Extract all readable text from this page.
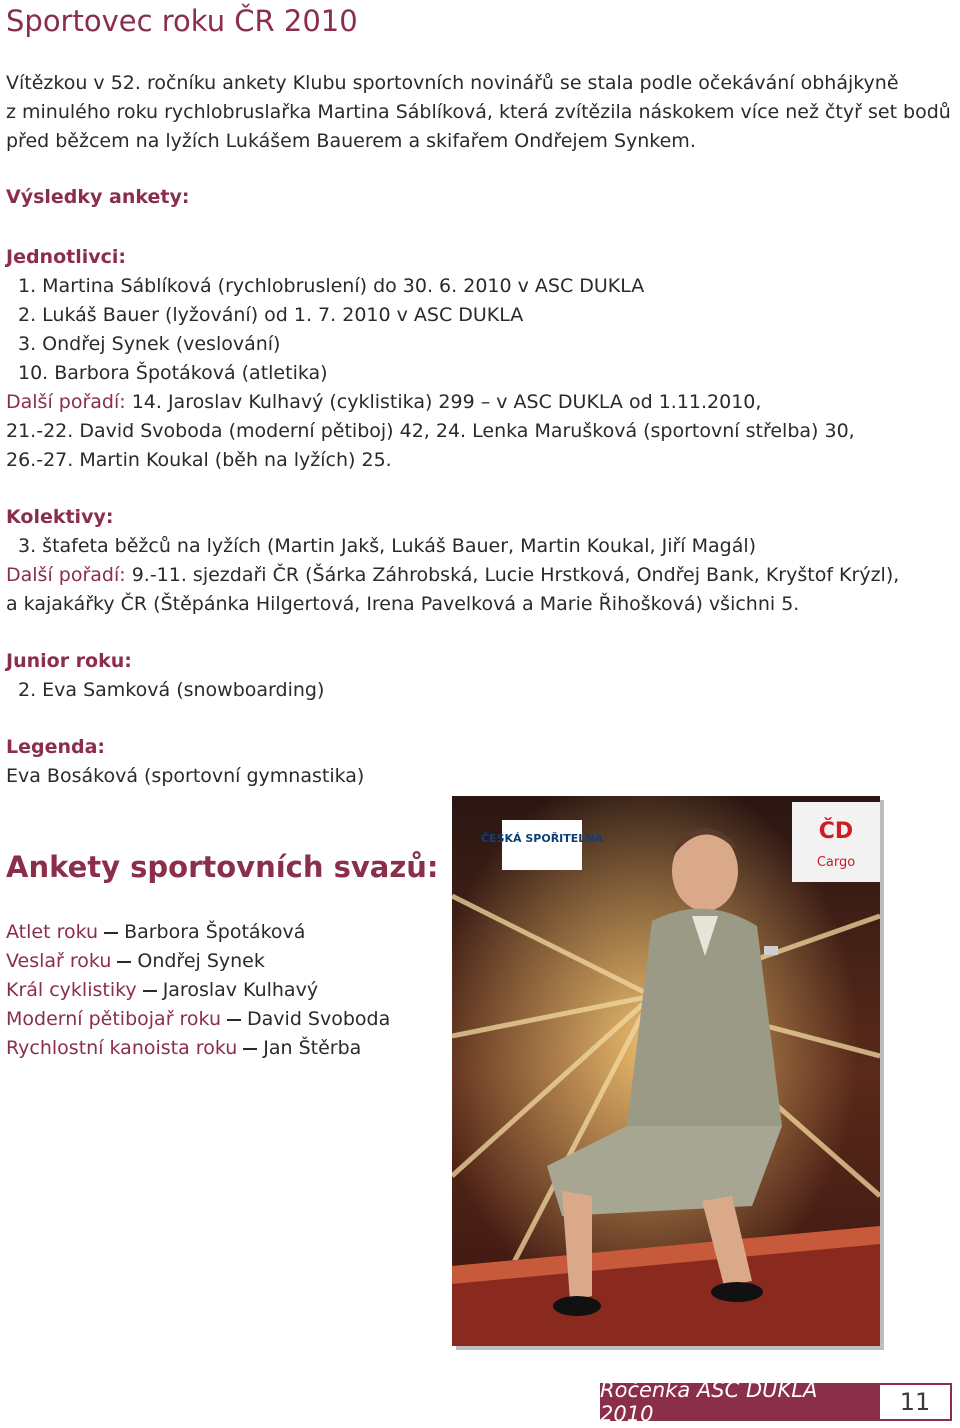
Sportovec roku ČR 2010

Vítězkou v 52. ročníku ankety Klubu sportovních novinářů se stala podle očekávání obhájkyně

z minulého roku rychlobruslařka Martina Sáblíková, která zvítězila náskokem více než čtyř set bodů

před běžcem na lyžích Lukášem Bauerem a skifařem Ondřejem Synkem.

Výsledky ankety:

Jednotlivci:

1. Martina Sáblíková (rychlobruslení) do 30. 6. 2010 v ASC DUKLA

2. Lukáš Bauer (lyžování) od 1. 7. 2010 v ASC DUKLA

3. Ondřej Synek (veslování)

10. Barbora Špotáková (atletika)

Další pořadí: 14. Jaroslav Kulhavý (cyklistika) 299 – v ASC DUKLA od 1.11.2010,

21.-22. David Svoboda (moderní pětiboj) 42, 24. Lenka Marušková (sportovní střelba) 30,

26.-27. Martin Koukal (běh na lyžích) 25.

Kolektivy:

3. štafeta běžců na lyžích (Martin Jakš, Lukáš Bauer, Martin Koukal, Jiří Magál)

Další pořadí: 9.-11. sjezdaři ČR (Šárka Záhrobská, Lucie Hrstková, Ondřej Bank, Kryštof Krýzl),

a kajakářky ČR (Štěpánka Hilgertová, Irena Pavelková a Marie Řihošková) všichni 5.

Junior roku:

2. Eva Samková (snowboarding)

Legenda:

Eva Bosáková (sportovní gymnastika)

Ankety sportovních svazů:

Atlet roku Barbora Špotáková

Veslař roku Ondřej Synek

Král cyklistiky Jaroslav Kulhavý

Moderní pětibojař roku David Svoboda

Rychlostní kanoista roku Jan Štěrba

ČESKÁ SPOŘITELNA	ČD
Cargo
Ročenka ASC DUKLA 2010	11
